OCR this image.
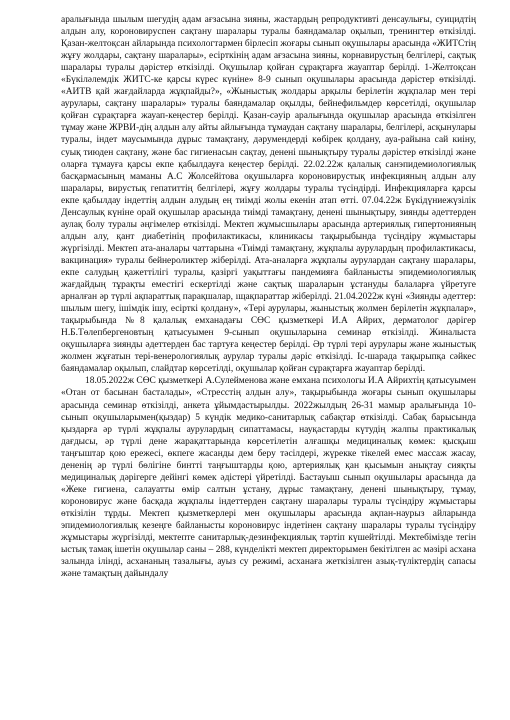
аралығында шылым шегудің адам ағзасына зияны, жастардың репродуктивті денсаулығы, суицидтің алдын алу, короновируспен сақтану шаралары туралы баяндамалар оқылып, тренингтер өткізілді. Қазан-желтоқсан айларында психологтармен бірлесіп жоғары сынып оқушылары арасында «ЖИТСтің жұғу жолдары, сақтану шаралары», есірткінің адам ағзасына зияны, корнавирустың белгілері, сақтық шаралары туралы дәрістер өткізілді. Оқушылар қойған сұрақтарға жауаптар берілді. 1-Желтоқсан «Бүкіләлемдік ЖИТС-ке қарсы күрес күніне» 8-9 сынып оқушылары арасында дәрістер өткізілді. «АИТВ қай жағдайларда жұқпайды?», «Жыныстық жолдары арқылы берілетін жұқпалар мен тері аурулары, сақтану шаралары» туралы баяндамалар оқылды, бейнефильмдер көрсетілді, оқушылар қойған сұрақтарға жауап-кеңестер берілді. Қазан-сәуір аралығында оқушылар арасында өткізілген тұмау және ЖРВИ-дің алдын алу айты айлығында тұмаудан сақтану шаралары, белгілері, асқынулары туралы, індет маусымында дұрыс тамақтану, дәрумендерді көбірек қолдану, ауа-райына сай киіну, суық тиюден сақтану, және бас гигиенасын сақтау, денені шынықтыру туралы дәрістер өткізілді және оларға тұмауға қарсы екпе қабылдауға кеңестер берілді. 22.02.22ж қалалық санэпидемиологиялық басқармасының маманы А.С Жолсейітова оқушыларға короновирустық инфекцияның алдын алу шаралары, вирустық гепатиттің белгілері, жұғу жолдары туралы түсіндірді. Инфекцияларға қарсы екпе қабылдау індеттің алдын алудың ең тиімді жолы екенін атап өтті. 07.04.22ж Бүкідүниежүзілік Денсаулық күніне орай оқушылар арасында тиімді тамақтану, денені шынықтыру, зиянды әдеттерден аулақ болу туралы әңгімелер өткізілді. Мектеп жұмысшылары арасында артериялық гипертонияның алдын алу, қант диабетінің профилактикасы, клиникасы тақырыбында түсіндіру жұмыстары жүргізілді. Мектеп ата-аналары чаттарына «Тиімді тамақтану, жұқпалы аурулардың профилактикасы, вакцинация» туралы бейнероликтер жіберілді. Ата-аналарға жұқпалы аурулардан сақтану шаралары, екпе салудың қажеттілігі туралы, қазіргі уақыттағы пандемияға байланысты эпидемиологиялық жағдайдың тұрақты еместігі ескертілді және сақтық шараларын ұстануды балаларға үйретуге арналған әр түрлі ақпараттық парақшалар, ıщақпараттар жіберілді. 21.04.2022ж күні «Зиянды әдеттер: шылым шегу, ішімдік ішу, есірткі қолдану», «Тері аурулары, жыныстық жолмен берілетін жұқпалар», тақырыбында №8 қалалық емханадағы СӨС қызметкері И.А Айрих, дерматолог дәрігер Н.Б.Төлепбергеновтың қатысуымен 9-сынып оқушыларына семинар өткізілді. Жиналыста оқушыларға зиянды әдеттерден бас тартуға кеңестер берілді. Әр түрлі тері аурулары және жыныстық жолмен жұғатын тері-венерологиялық аурулар туралы дәріс өткізілді. Іс-шарада тақырыпқа сәйкес баяндамалар оқылып, слайдтар көрсетілді, оқушылар қойған сұрақтарға жауаптар берілді.

18.05.2022ж СӨС қызметкері А.Сулейменова және емхана психологы И.А Айрихтің қатысуымен «Отан от басынан басталады», «Стресстің алдын алу», тақырыбында жоғары сынып оқушылары арасында семинар өткізілді, анкета ұйымдастырылды. 2022жылдың 26-31 мамыр аралығында 10-сынып оқушыларымен(қыздар) 5 күндік медико-санитарлық сабақтар өткізілді. Сабақ барысында қыздарға әр түрлі жұқпалы аурулардың сипаттамасы, науқастарды күтудің жалпы практикалық дағдысы, әр түрлі дене жарақаттарында көрсетілетін алғашқы медициналық көмек: қысқыш таңғыштар қою ережесі, өкпеге жасанды дем беру тәсілдері, жүрекке тікелей емес массаж жасау, дененің әр түрлі бөлігіне бинтті таңғыштарды қою, артериялық қан қысымын анықтау сияқты медициналық дәрігерге дейінгі көмек әдістері үйретілді. Бастауыш сынып оқушылары арасында да «Жеке гигиена, салауатты өмір салтын ұстану, дұрыс тамақтану, денені шынықтыру, тұмау, короновирус және басқада жұқпалы індеттерден сақтану шаралары туралы түсіндіру жұмыстары өткізілін тұрды. Мектеп қызметкерлері мен оқушылары арасында ақпан-наурыз айларында эпидемиологиялық кезеңге байланысты короновирус індетінен сақтану шаралары туралы түсіндіру жұмыстары жүргізілді, мектепте санитарлық-дезинфекциялық тәртіп күшейтілді. Мектебімізде тегін ыстық тамақ ішетін оқушылар саны – 288, күнделікті мектеп директорымен бекітілген ас мәзірі асхана залында ілінді, асхананың тазалығы, ауыз су режимі, асханаға жеткізілген азық-түліктердің сапасы және тамақтың дайындалу
